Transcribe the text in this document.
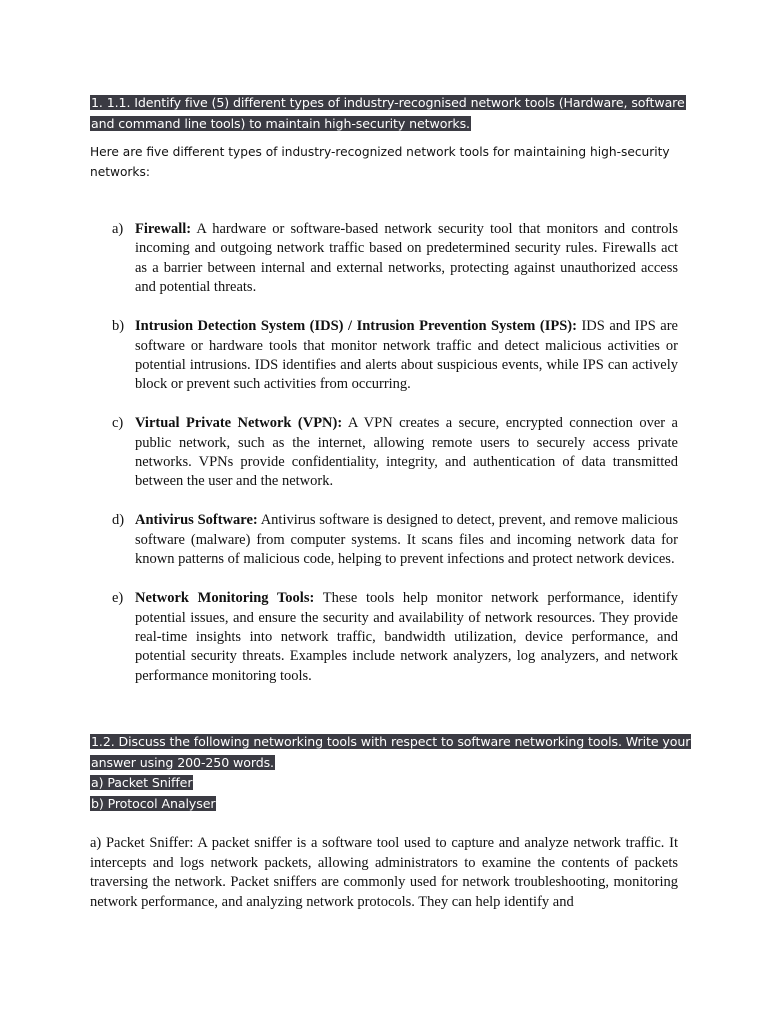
1. 1.1. Identify five (5) different types of industry-recognised network tools (Hardware, software
and command line tools) to maintain high-security networks.
Here are five different types of industry-recognized network tools for maintaining high-security networks:
a) Firewall: A hardware or software-based network security tool that monitors and controls incoming and outgoing network traffic based on predetermined security rules. Firewalls act as a barrier between internal and external networks, protecting against unauthorized access and potential threats.
b) Intrusion Detection System (IDS) / Intrusion Prevention System (IPS): IDS and IPS are software or hardware tools that monitor network traffic and detect malicious activities or potential intrusions. IDS identifies and alerts about suspicious events, while IPS can actively block or prevent such activities from occurring.
c) Virtual Private Network (VPN): A VPN creates a secure, encrypted connection over a public network, such as the internet, allowing remote users to securely access private networks. VPNs provide confidentiality, integrity, and authentication of data transmitted between the user and the network.
d) Antivirus Software: Antivirus software is designed to detect, prevent, and remove malicious software (malware) from computer systems. It scans files and incoming network data for known patterns of malicious code, helping to prevent infections and protect network devices.
e) Network Monitoring Tools: These tools help monitor network performance, identify potential issues, and ensure the security and availability of network resources. They provide real-time insights into network traffic, bandwidth utilization, device performance, and potential security threats. Examples include network analyzers, log analyzers, and network performance monitoring tools.
1.2. Discuss the following networking tools with respect to software networking tools. Write your
answer using 200-250 words.
a) Packet Sniffer
b) Protocol Analyser

a) Packet Sniffer: A packet sniffer is a software tool used to capture and analyze network traffic. It intercepts and logs network packets, allowing administrators to examine the contents of packets traversing the network. Packet sniffers are commonly used for network troubleshooting, monitoring network performance, and analyzing network protocols. They can help identify and
